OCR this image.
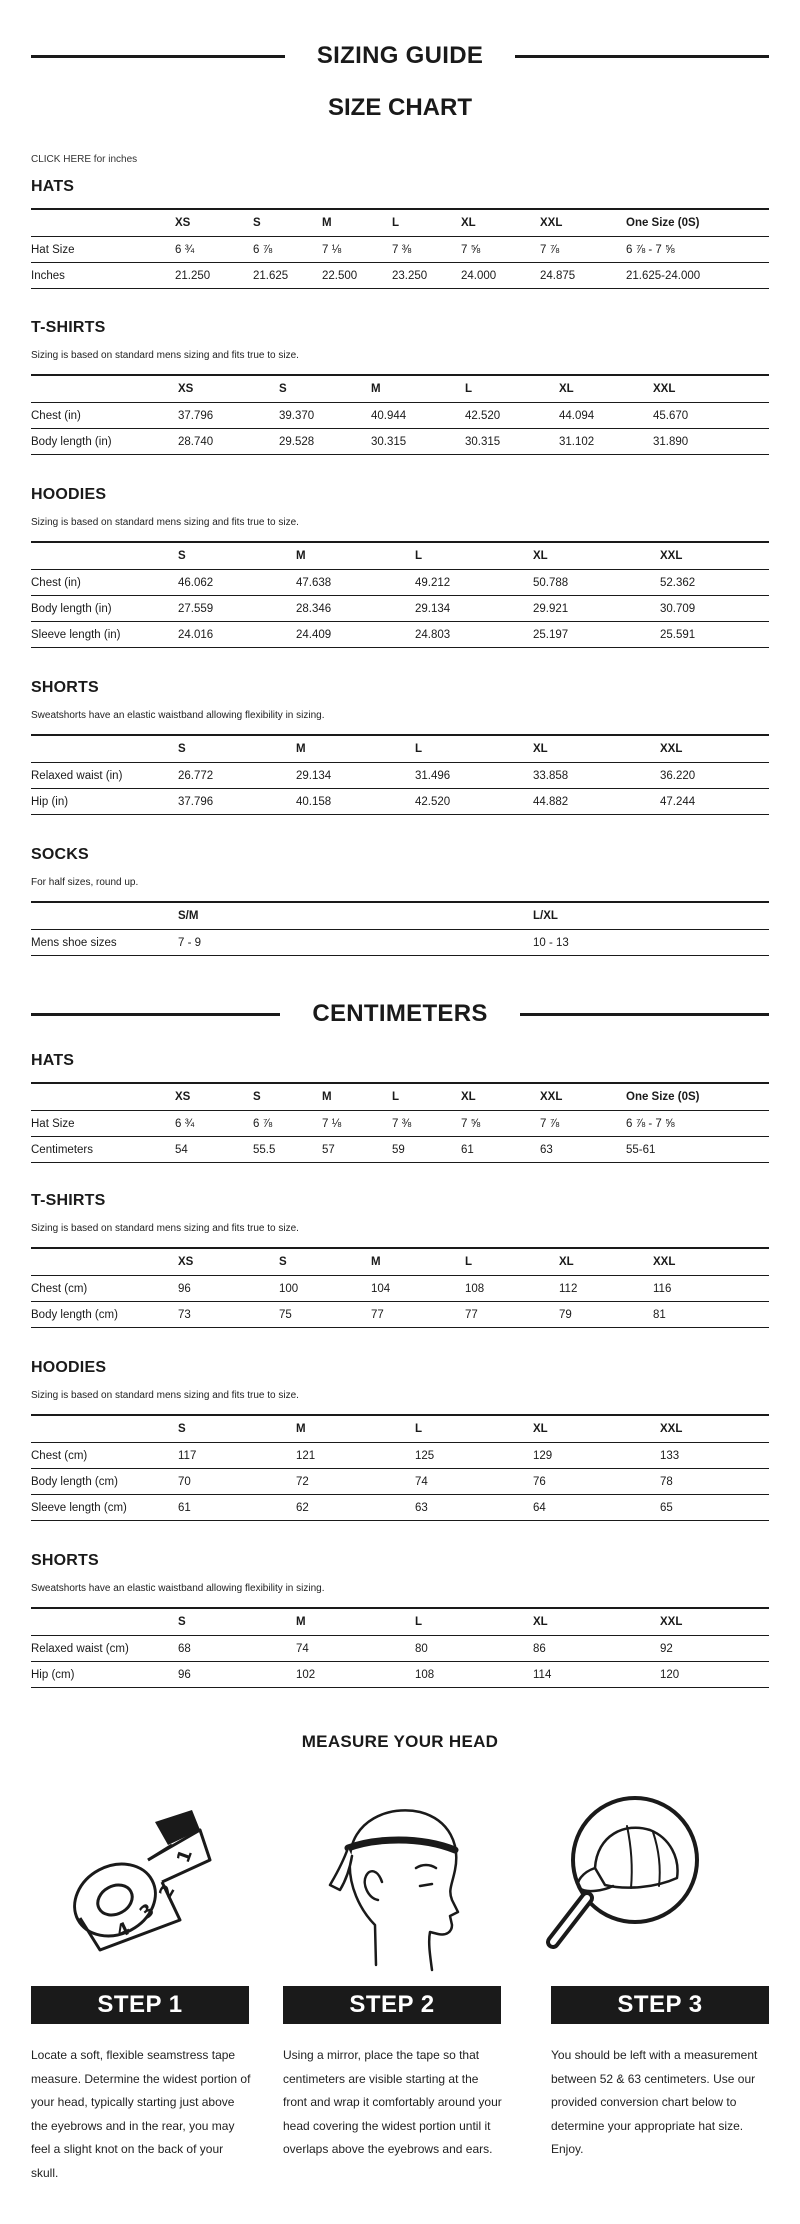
SIZING GUIDE
SIZE CHART
CLICK HERE for inches
HATS
	XS	S	M	L	XL	XXL	One Size (0S)
Hat Size	6 ¾	6 ⅞	7 ⅛	7 ⅜	7 ⅝	7 ⅞	6 ⅞ - 7 ⅝
Inches	21.250	21.625	22.500	23.250	24.000	24.875	21.625-24.000
T-SHIRTS
Sizing is based on standard mens sizing and fits true to size.
	XS	S	M	L	XL	XXL
Chest (in)	37.796	39.370	40.944	42.520	44.094	45.670
Body length (in)	28.740	29.528	30.315	30.315	31.102	31.890
HOODIES
Sizing is based on standard mens sizing and fits true to size.
	S	M	L	XL	XXL
Chest (in)	46.062	47.638	49.212	50.788	52.362
Body length (in)	27.559	28.346	29.134	29.921	30.709
Sleeve length (in)	24.016	24.409	24.803	25.197	25.591
SHORTS
Sweatshorts have an elastic waistband allowing flexibility in sizing.
	S	M	L	XL	XXL
Relaxed waist (in)	26.772	29.134	31.496	33.858	36.220
Hip (in)	37.796	40.158	42.520	44.882	47.244
SOCKS
For half sizes, round up.
	S/M	L/XL
Mens shoe sizes	7 - 9	10 - 13
CENTIMETERS
HATS
	XS	S	M	L	XL	XXL	One Size (0S)
Hat Size	6 ¾	6 ⅞	7 ⅛	7 ⅜	7 ⅝	7 ⅞	6 ⅞ - 7 ⅝
Centimeters	54	55.5	57	59	61	63	55-61
T-SHIRTS
Sizing is based on standard mens sizing and fits true to size.
	XS	S	M	L	XL	XXL
Chest (cm)	96	100	104	108	112	116
Body length (cm)	73	75	77	77	79	81
HOODIES
Sizing is based on standard mens sizing and fits true to size.
	S	M	L	XL	XXL
Chest (cm)	117	121	125	129	133
Body length (cm)	70	72	74	76	78
Sleeve length (cm)	61	62	63	64	65
SHORTS
Sweatshorts have an elastic waistband allowing flexibility in sizing.
	S	M	L	XL	XXL
Relaxed waist (cm)	68	74	80	86	92
Hip (cm)	96	102	108	114	120
MEASURE YOUR HEAD
1
2
3
4
STEP 1	STEP 2	STEP 3
Locate a soft, flexible seamstress tape measure. Determine the widest portion of your head, typically starting just above the eyebrows and in the rear, you may feel a slight knot on the back of your skull.
Using a mirror, place the tape so that centimeters are visible starting at the front and wrap it comfortably around your head covering the widest portion until it overlaps above the eyebrows and ears.
You should be left with a measurement between 52 & 63 centimeters. Use our provided conversion chart below to determine your appropriate hat size. Enjoy.
